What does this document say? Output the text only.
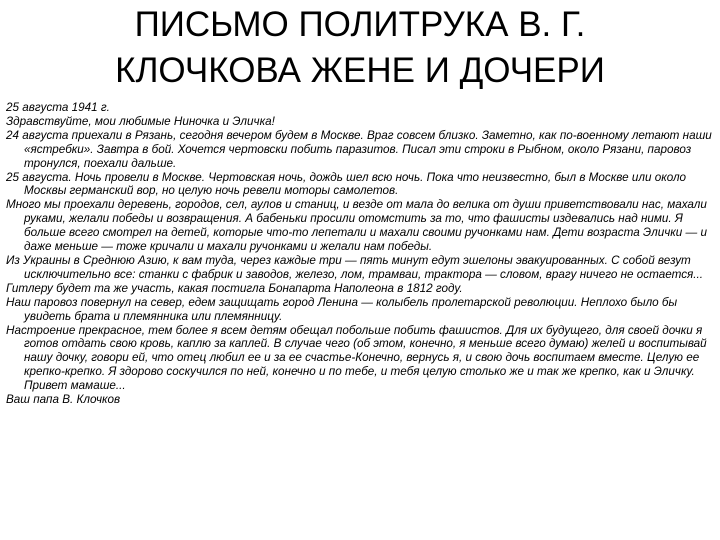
ПИСЬМО ПОЛИТРУКА В. Г.
КЛОЧКОВА ЖЕНЕ И ДОЧЕРИ

25 августа 1941 г.

Здравствуйте, мои любимые Ниночка и Эличка!

24 августа приехали в Рязань, сегодня вечером будем в Москве. Враг совсем близко. Заметно, как по-военному летают наши «ястребки». Завтра в бой. Хочется чертовски побить паразитов. Писал эти строки в Рыбном, около Рязани, паровоз тронулся, поехали дальше.

25 августа. Ночь провели в Москве. Чертовская ночь, дождь шел всю ночь. Пока что неизвестно, был в Москве или около Москвы германский вор, но целую ночь ревели моторы самолетов.

Много мы проехали деревень, городов, сел, аулов и станиц, и везде от мала до велика от души приветствовали нас, махали руками, желали победы и возвращения. А бабеньки просили отомстить за то, что фашисты издевались над ними. Я больше всего смотрел на детей, которые что-то лепетали и махали своими ручонками нам. Дети возраста Элички — и даже меньше — тоже кричали и махали ручонками и желали нам победы.

Из Украины в Среднюю Азию, к вам туда, через каждые три — пять минут едут эшелоны эвакуированных. С собой везут исключительно все: станки с фабрик и заводов, железо, лом, трамваи, трактора — словом, врагу ничего не остается...

Гитлеру будет та же участь, какая постигла Бонапарта Наполеона в 1812 году.

Наш паровоз повернул на север, едем защищать город Ленина — колыбель пролетарской революции. Неплохо было бы увидеть брата и племянника или племянницу.

Настроение прекрасное, тем более я всем детям обещал побольше побить фашистов. Для их будущего, для своей дочки я готов отдать свою кровь, каплю за каплей. В случае чего (об этом, конечно, я меньше всего думаю) желей и воспитывай нашу дочку, говори ей, что отец любил ее и за ее счастье-Конечно, вернусь я, и свою дочь воспитаем вместе. Целую ее крепко-крепко. Я здорово соскучился по ней, конечно и по тебе, и тебя целую столько же и так же крепко, как и Эличку. Привет мамаше...

Ваш папа В. Клочков
